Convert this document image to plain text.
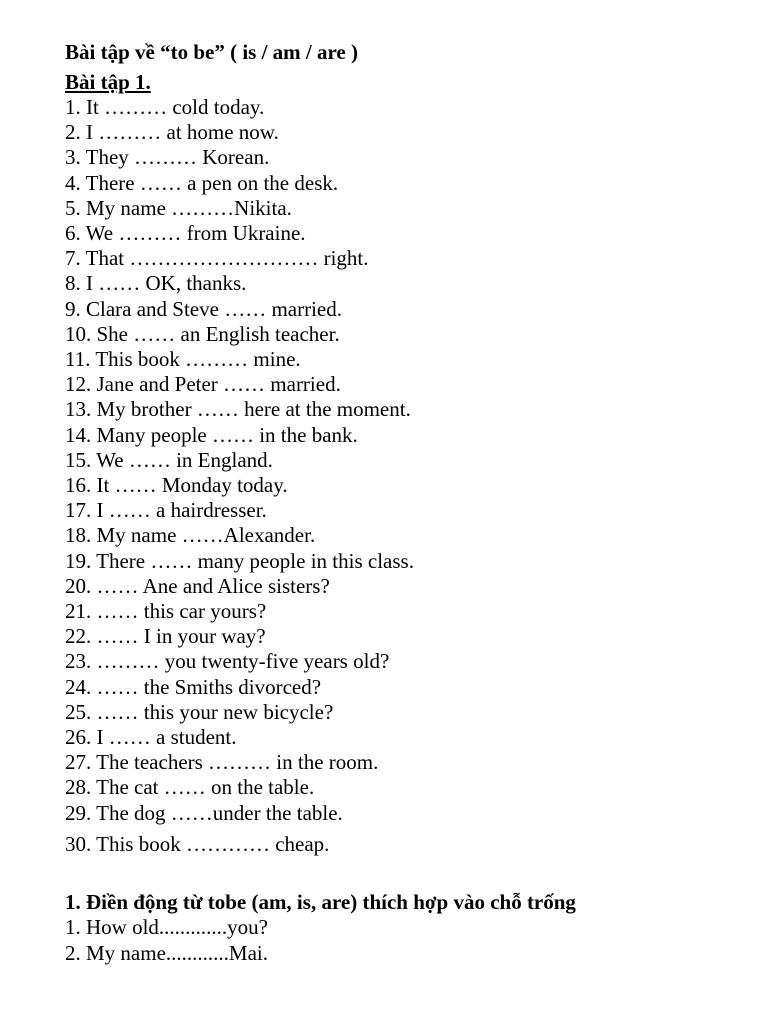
Bài tập về “to be” ( is / am / are )

Bài tập 1.

1. It ……… cold today.
2. I ……… at home now.
3. They ……… Korean.
4. There …… a pen on the desk.
5. My name ………Nikita.
6. We ……… from Ukraine.
7. That ……………………… right.
8. I …… OK, thanks.
9. Clara and Steve …… married.
10. She …… an English teacher.
11. This book ……… mine.
12. Jane and Peter …… married.
13. My brother …… here at the moment.
14. Many people …… in the bank.
15. We …… in England.
16. It …… Monday today.
17. I …… a hairdresser.
18. My name ……Alexander.
19. There …… many people in this class.
20. …… Ane and Alice sisters?
21. …… this car yours?
22. …… I in your way?
23. ……… you twenty-five years old?
24. …… the Smiths divorced?
25. …… this your new bicycle?
26. I …… a student.
27. The teachers ……… in the room.
28. The cat …… on the table.
29. The dog ……under the table.
30. This book ………… cheap.

1. Điền động từ tobe (am, is, are) thích hợp vào chỗ trống

1. How old.............you?
2. My name............Mai.
